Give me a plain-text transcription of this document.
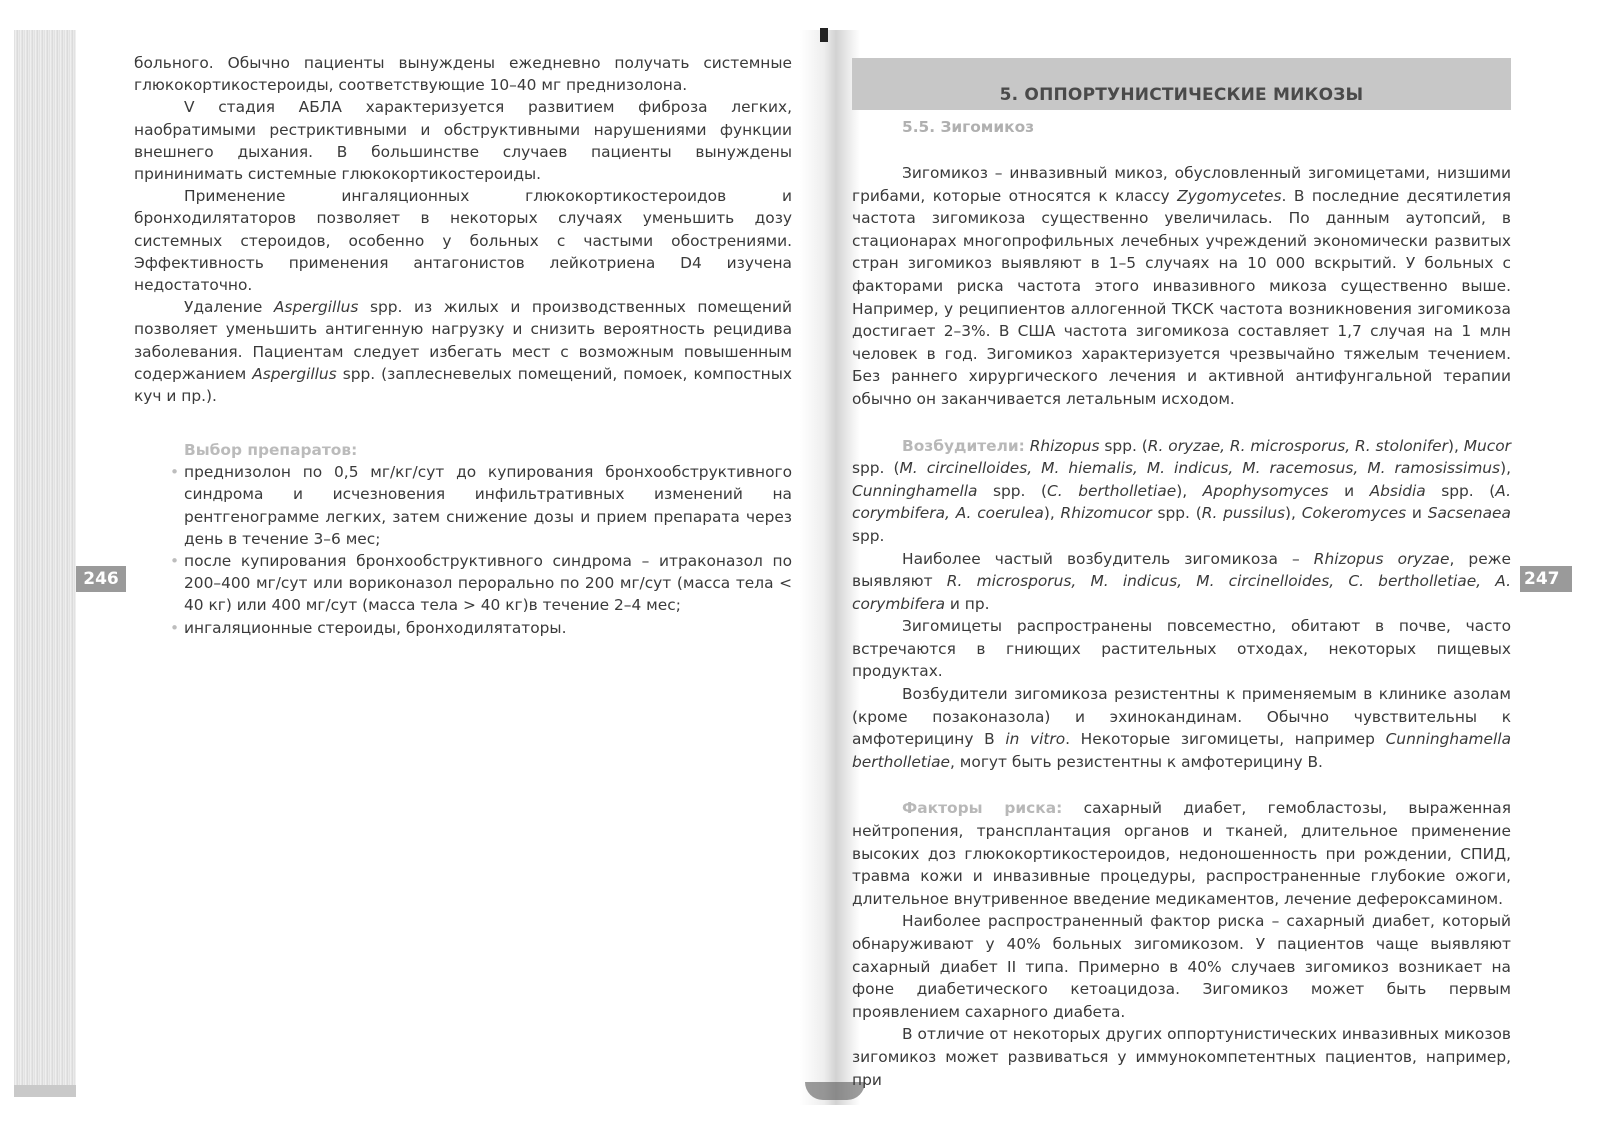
246

больного. Обычно пациенты вынуждены ежедневно получать системные глюкокортикостероиды, соответствующие 10–40 мг преднизолона.

V стадия АБЛА характеризуется развитием фиброза легких, наобратимыми рестриктивными и обструктивными нарушениями функции внешнего дыхания. В большинстве случаев пациенты вынуждены прининимать системные глюкокортикостероиды.

Применение ингаляционных глюкокортикостероидов и бронходилятаторов позволяет в некоторых случаях уменьшить дозу системных стероидов, особенно у больных с частыми обострениями. Эффективность применения антагонистов лейкотриена D4 изучена недостаточно.

Удаление Aspergillus spp. из жилых и производственных помещений позволяет уменьшить антигенную нагрузку и снизить вероятность рецидива заболевания. Пациентам следует избегать мест с возможным повышенным содержанием Aspergillus spp. (заплесневелых помещений, помоек, компостных куч и пр.).

Выбор препаратов:
• преднизолон по 0,5 мг/кг/сут до купирования бронхообструктивного синдрома и исчезновения инфильтративных изменений на рентгенограмме легких, затем снижение дозы и прием препарата через день в течение 3–6 мес;
• после купирования бронхообструктивного синдрома – итраконазол по 200–400 мг/сут или вориконазол перорально по 200 мг/сут (масса тела < 40 кг) или 400 мг/сут (масса тела > 40 кг)в течение 2–4 мес;
• ингаляционные стероиды, бронходилятаторы.
5. ОППОРТУНИСТИЧЕСКИЕ МИКОЗЫ
5.5. Зигомикоз
247

Зигомикоз – инвазивный микоз, обусловленный зигомицетами, низшими грибами, которые относятся к классу Zygomycetes. В последние десятилетия частота зигомикоза существенно увеличилась. По данным аутопсий, в стационарах многопрофильных лечебных учреждений экономически развитых стран зигомикоз выявляют в 1–5 случаях на 10 000 вскрытий. У больных с факторами риска частота этого инвазивного микоза существенно выше. Например, у реципиентов аллогенной ТКСК частота возникновения зигомикоза достигает 2–3%. В США частота зигомикоза составляет 1,7 случая на 1 млн человек в год. Зигомикоз характеризуется чрезвычайно тяжелым течением. Без раннего хирургического лечения и активной антифунгальной терапии обычно он заканчивается летальным исходом.

Возбудители: Rhizopus spp. (R. oryzae, R. microsporus, R. stolonifer), Mucor spp. (M. circinelloides, M. hiemalis, M. indicus, M. racemosus, M. ramosissimus), Cunninghamella spp. (C. bertholletiae), Apophysomyces и Absidia spp. (A. corymbifera, A. coerulea), Rhizomucor spp. (R. pussilus), Cokeromyces и Sacsenaea spp.

Наиболее частый возбудитель зигомикоза – Rhizopus oryzae, реже выявляют R. microsporus, M. indicus, M. circinelloides, C. bertholletiae, A. corymbifera и пр.

Зигомицеты распространены повсеместно, обитают в почве, часто встречаются в гниющих растительных отходах, некоторых пищевых продуктах.

Возбудители зигомикоза резистентны к применяемым в клинике азолам (кроме позаконазола) и эхинокандинам. Обычно чувствительны к амфотерицину В in vitro. Некоторые зигомицеты, например Cunninghamella bertholletiae, могут быть резистентны к амфотерицину В.

Факторы риска: сахарный диабет, гемобластозы, выраженная нейтропения, трансплантация органов и тканей, длительное применение высоких доз глюкокортикостероидов, недоношенность при рождении, СПИД, травма кожи и инвазивные процедуры, распространенные глубокие ожоги, длительное внутривенное введение медикаментов, лечение дефероксамином.

Наиболее распространенный фактор риска – сахарный диабет, который обнаруживают у 40% больных зигомикозом. У пациентов чаще выявляют сахарный диабет II типа. Примерно в 40% случаев зигомикоз возникает на фоне диабетического кетоацидоза. Зигомикоз может быть первым проявлением сахарного диабета.

В отличие от некоторых других оппортунистических инвазивных микозов зигомикоз может развиваться у иммунокомпетентных пациентов, например, при
